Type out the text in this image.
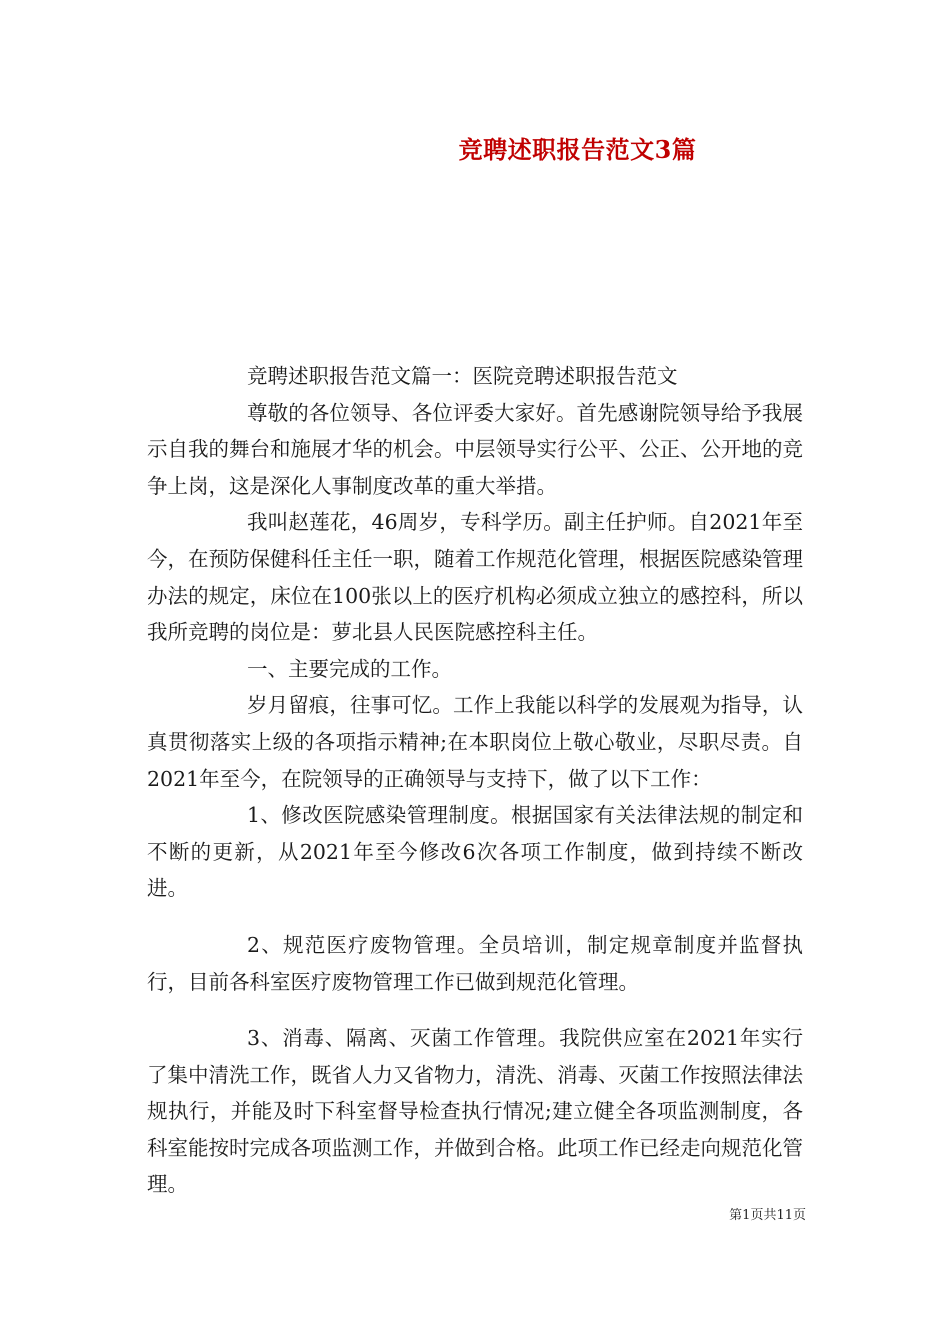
竞聘述职报告范文3篇

竞聘述职报告范文篇一：医院竞聘述职报告范文

尊敬的各位领导、各位评委大家好。首先感谢院领导给予我展示自我的舞台和施展才华的机会。中层领导实行公平、公正、公开地的竞争上岗，这是深化人事制度改革的重大举措。

我叫赵莲花，46周岁，专科学历。副主任护师。自2021年至今，在预防保健科任主任一职，随着工作规范化管理，根据医院感染管理办法的规定，床位在100张以上的医疗机构必须成立独立的感控科，所以我所竞聘的岗位是：萝北县人民医院感控科主任。

一、主要完成的工作。

岁月留痕，往事可忆。工作上我能以科学的发展观为指导，认真贯彻落实上级的各项指示精神;在本职岗位上敬心敬业，尽职尽责。自2021年至今，在院领导的正确领导与支持下，做了以下工作：

1、修改医院感染管理制度。根据国家有关法律法规的制定和不断的更新，从2021年至今修改6次各项工作制度，做到持续不断改进。

2、规范医疗废物管理。全员培训，制定规章制度并监督执行，目前各科室医疗废物管理工作已做到规范化管理。

3、消毒、隔离、灭菌工作管理。我院供应室在2021年实行了集中清洗工作，既省人力又省物力，清洗、消毒、灭菌工作按照法律法规执行，并能及时下科室督导检查执行情况;建立健全各项监测制度，各科室能按时完成各项监测工作，并做到合格。此项工作已经走向规范化管理。

第1页共11页
